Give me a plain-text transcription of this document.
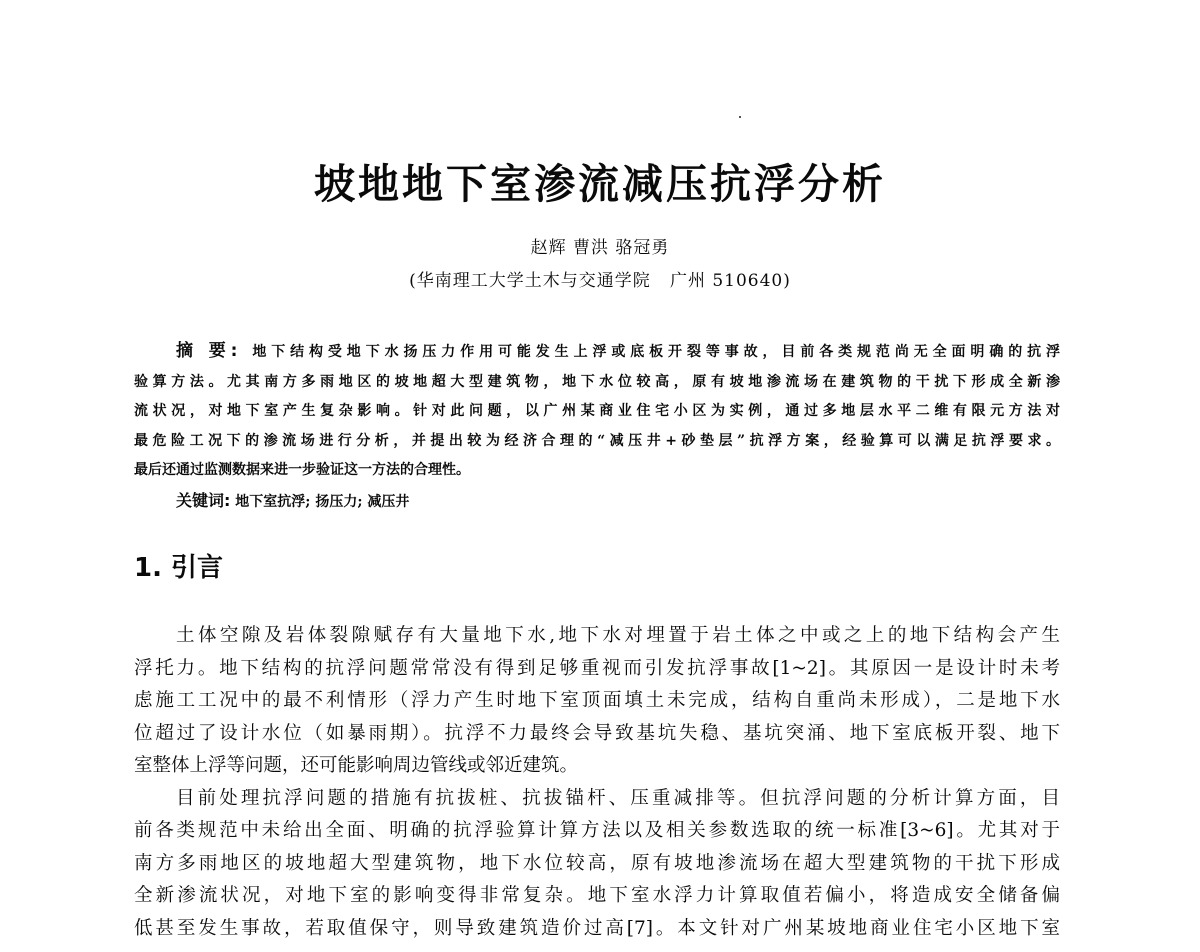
坡地地下室渗流减压抗浮分析
赵辉 曹洪 骆冠勇
(华南理工大学土木与交通学院   广州 510640)
摘 要: 地下结构受地下水扬压力作用可能发生上浮或底板开裂等事故，目前各类规范尚无全面明确的抗浮
验算方法。尤其南方多雨地区的坡地超大型建筑物，地下水位较高，原有坡地渗流场在建筑物的干扰下形成全新渗
流状况，对地下室产生复杂影响。针对此问题，以广州某商业住宅小区为实例，通过多地层水平二维有限元方法对
最危险工况下的渗流场进行分析，并提出较为经济合理的“减压井+砂垫层”抗浮方案，经验算可以满足抗浮要求。
最后还通过监测数据来进一步验证这一方法的合理性。
关键词: 地下室抗浮; 扬压力; 减压井
1. 引言
土体空隙及岩体裂隙赋存有大量地下水,地下水对埋置于岩土体之中或之上的地下结构会产生
浮托力。地下结构的抗浮问题常常没有得到足够重视而引发抗浮事故[1~2]。其原因一是设计时未考
虑施工工况中的最不利情形（浮力产生时地下室顶面填土未完成，结构自重尚未形成），二是地下水
位超过了设计水位（如暴雨期）。抗浮不力最终会导致基坑失稳、基坑突涌、地下室底板开裂、地下
室整体上浮等问题，还可能影响周边管线或邻近建筑。
目前处理抗浮问题的措施有抗拔桩、抗拔锚杆、压重减排等。但抗浮问题的分析计算方面，目
前各类规范中未给出全面、明确的抗浮验算计算方法以及相关参数选取的统一标准[3~6]。尤其对于
南方多雨地区的坡地超大型建筑物，地下水位较高，原有坡地渗流场在超大型建筑物的干扰下形成
全新渗流状况，对地下室的影响变得非常复杂。地下室水浮力计算取值若偏小，将造成安全储备偏
低甚至发生事故，若取值保守，则导致建筑造价过高[7]。本文针对广州某坡地商业住宅小区地下室
